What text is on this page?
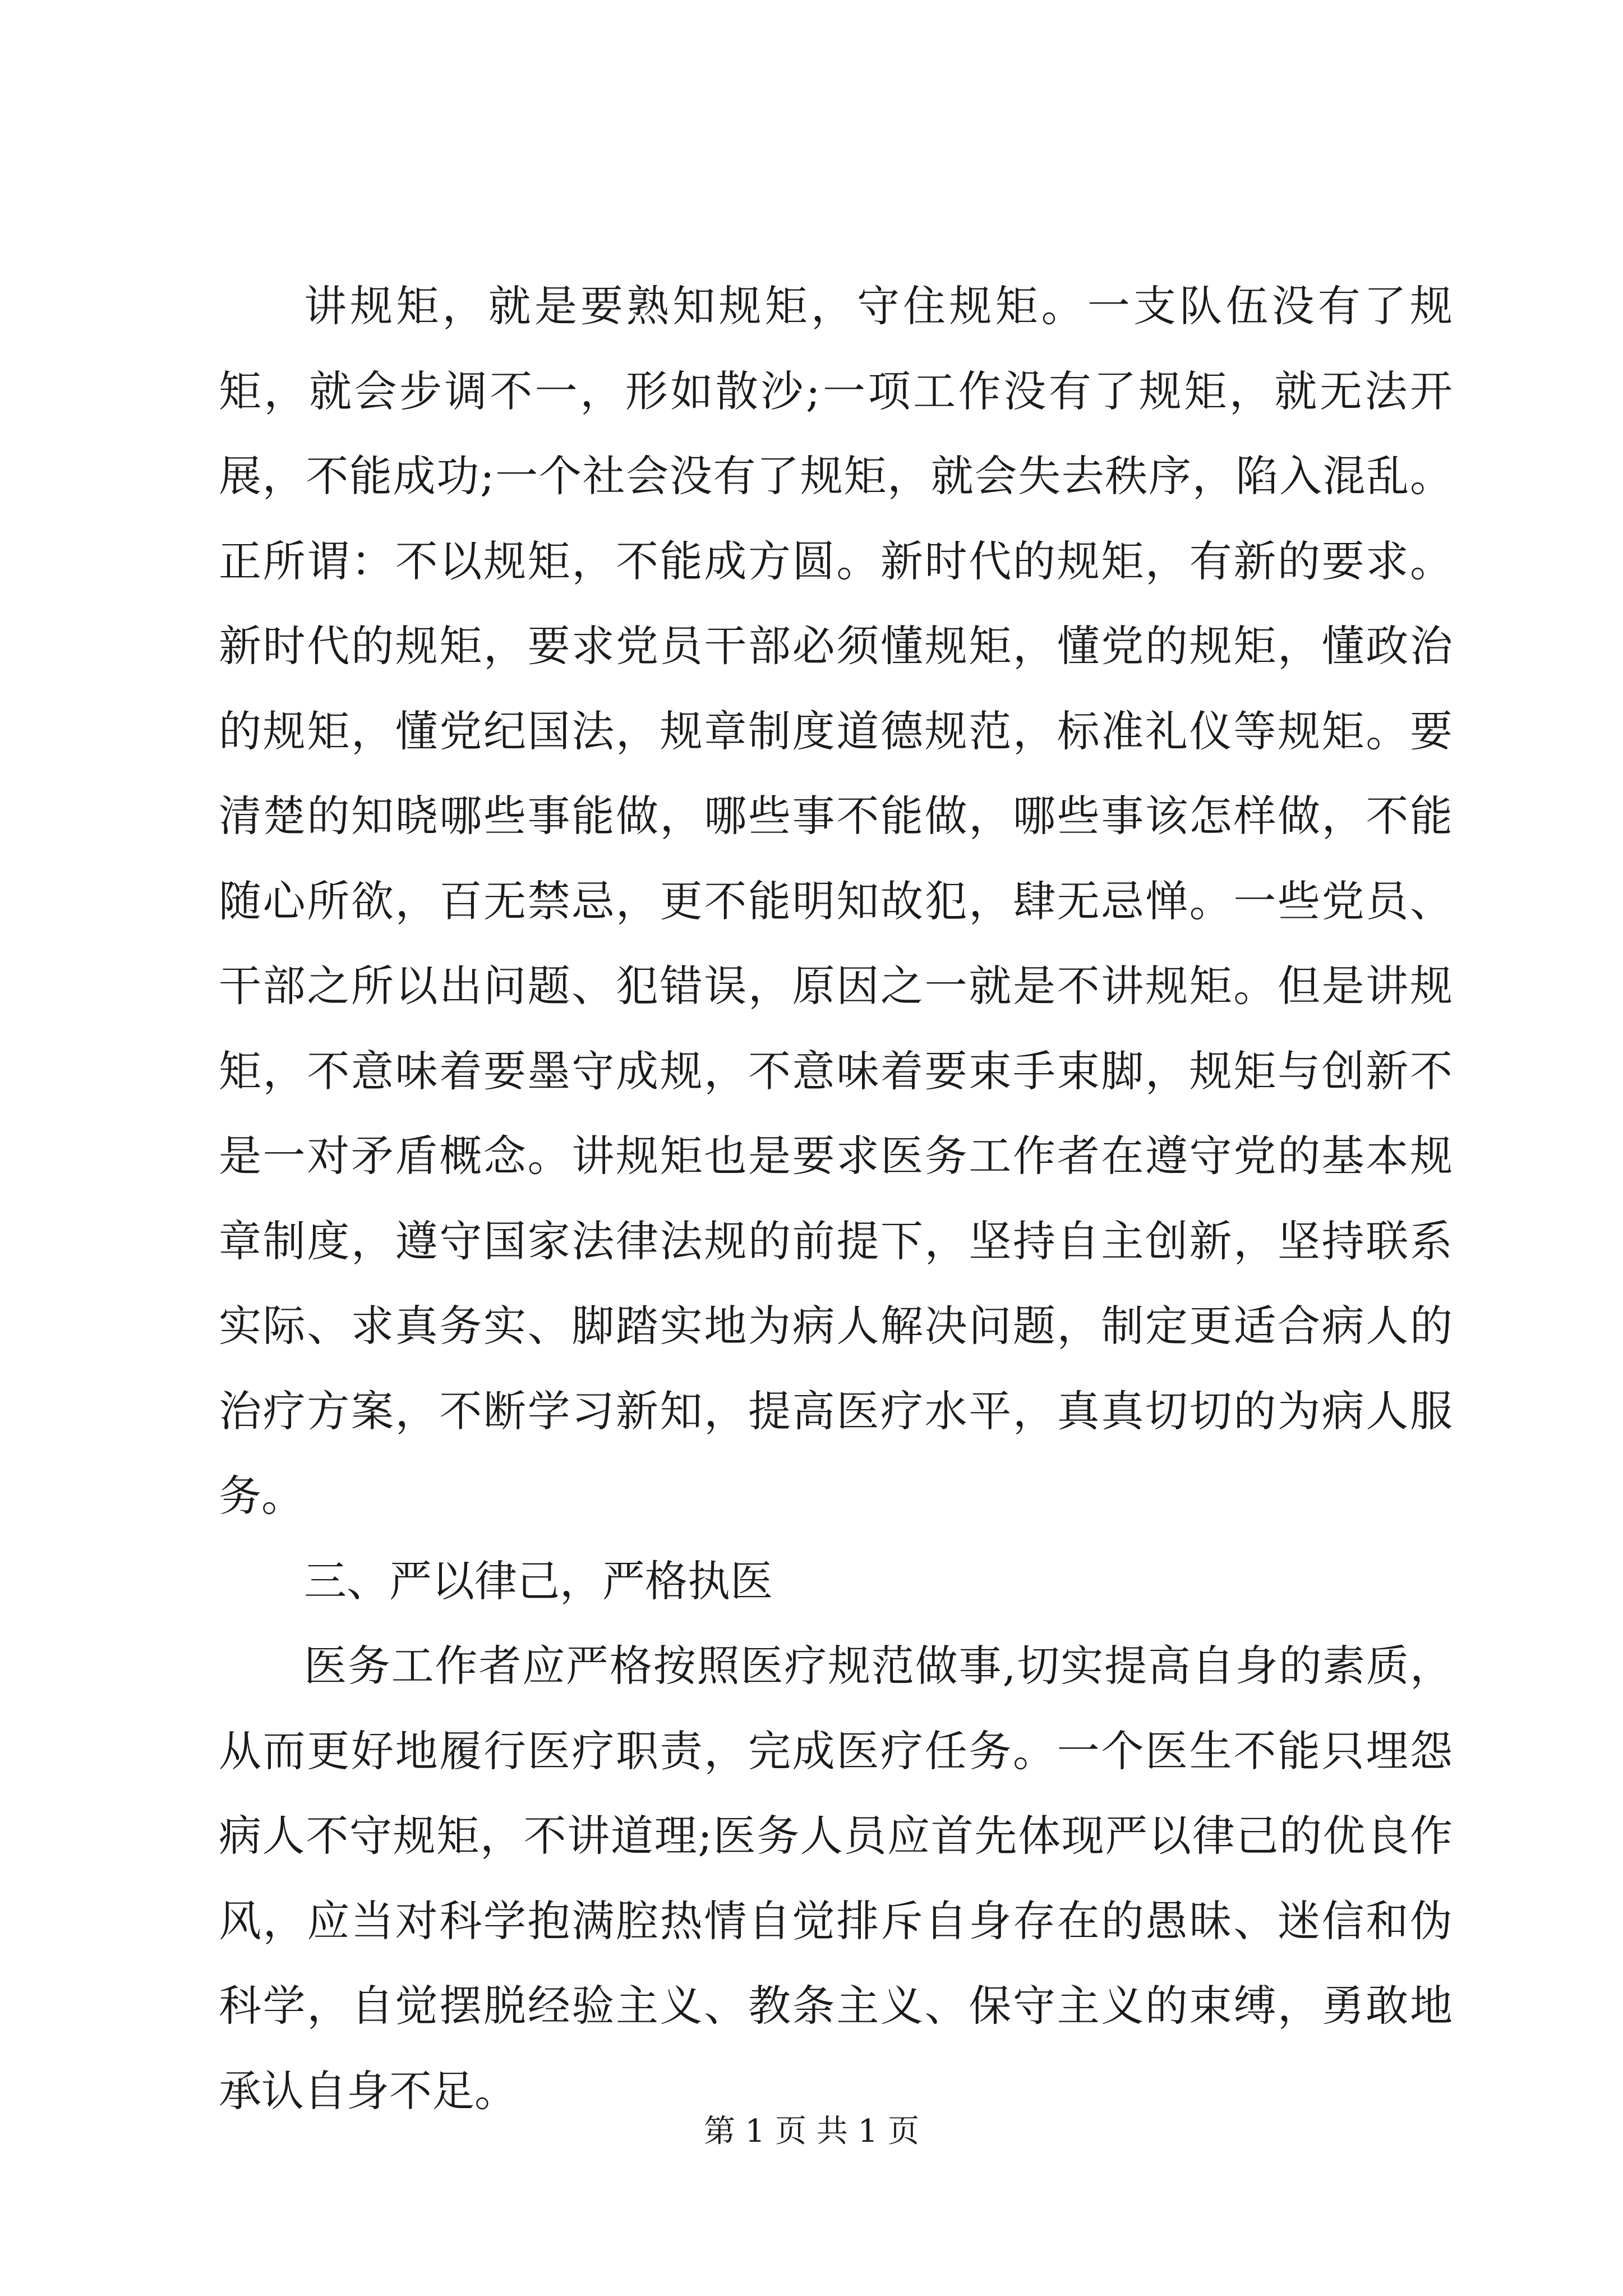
讲规矩，就是要熟知规矩，守住规矩。一支队伍没有了规矩，就会步调不一，形如散沙;一项工作没有了规矩，就无法开展，不能成功;一个社会没有了规矩，就会失去秩序，陷入混乱。正所谓：不以规矩，不能成方圆。新时代的规矩，有新的要求。新时代的规矩，要求党员干部必须懂规矩，懂党的规矩，懂政治的规矩，懂党纪国法，规章制度道德规范，标准礼仪等规矩。要清楚的知晓哪些事能做，哪些事不能做，哪些事该怎样做，不能随心所欲，百无禁忌，更不能明知故犯，肆无忌惮。一些党员、干部之所以出问题、犯错误，原因之一就是不讲规矩。但是讲规矩，不意味着要墨守成规，不意味着要束手束脚，规矩与创新不是一对矛盾概念。讲规矩也是要求医务工作者在遵守党的基本规章制度，遵守国家法律法规的前提下，坚持自主创新，坚持联系实际、求真务实、脚踏实地为病人解决问题，制定更适合病人的治疗方案，不断学习新知，提高医疗水平，真真切切的为病人服务。

三、严以律己，严格执医

医务工作者应严格按照医疗规范做事,切实提高自身的素质，从而更好地履行医疗职责，完成医疗任务。一个医生不能只埋怨病人不守规矩，不讲道理;医务人员应首先体现严以律己的优良作风，应当对科学抱满腔热情自觉排斥自身存在的愚昧、迷信和伪科学，自觉摆脱经验主义、教条主义、保守主义的束缚，勇敢地承认自身不足。

第 1 页 共 1 页
